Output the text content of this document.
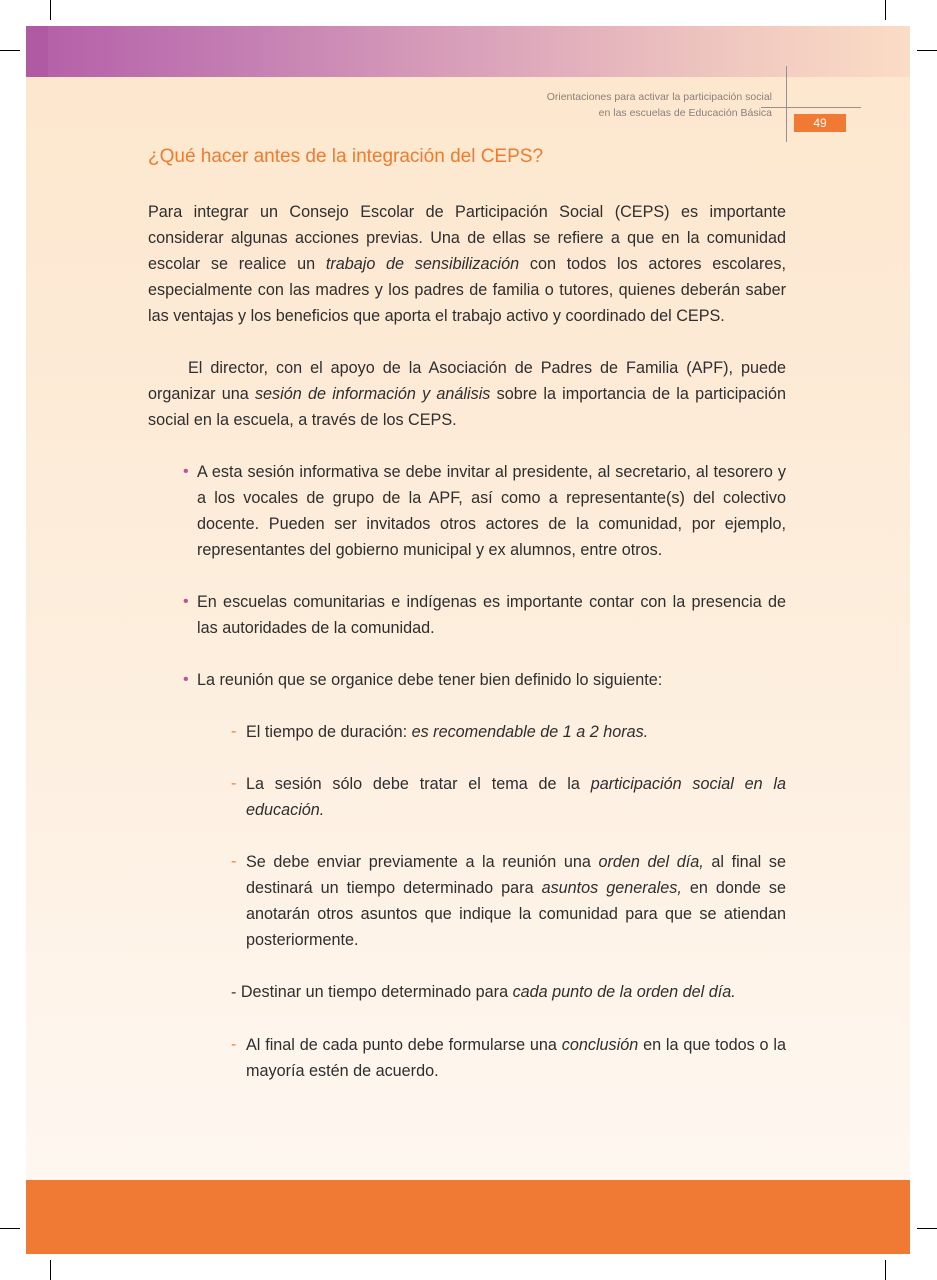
Orientaciones para activar la participación social
en las escuelas de Educación Básica
49
¿Qué hacer antes de la integración del CEPS?

Para integrar un Consejo Escolar de Participación Social (CEPS) es importante considerar algunas acciones previas. Una de ellas se refiere a que en la comunidad escolar se realice un trabajo de sensibilización con todos los actores escolares, especialmente con las madres y los padres de familia o tutores, quienes deberán saber las ventajas y los beneficios que aporta el trabajo activo y coordinado del CEPS.

El director, con el apoyo de la Asociación de Padres de Familia (APF), puede organizar una sesión de información y análisis sobre la importancia de la participación social en la escuela, a través de los CEPS.

• A esta sesión informativa se debe invitar al presidente, al secretario, al tesorero y a los vocales de grupo de la APF, así como a representante(s) del colectivo docente. Pueden ser invitados otros actores de la comunidad, por ejemplo, representantes del gobierno municipal y ex alumnos, entre otros.

• En escuelas comunitarias e indígenas es importante contar con la presencia de las autoridades de la comunidad.

• La reunión que se organice debe tener bien definido lo siguiente:

- El tiempo de duración: es recomendable de 1 a 2 horas.

- La sesión sólo debe tratar el tema de la participación social en la educación.

- Se debe enviar previamente a la reunión una orden del día, al final se destinará un tiempo determinado para asuntos generales, en donde se anotarán otros asuntos que indique la comunidad para que se atiendan posteriormente.

- Destinar un tiempo determinado para cada punto de la orden del día.

- Al final de cada punto debe formularse una conclusión en la que todos o la mayoría estén de acuerdo.
